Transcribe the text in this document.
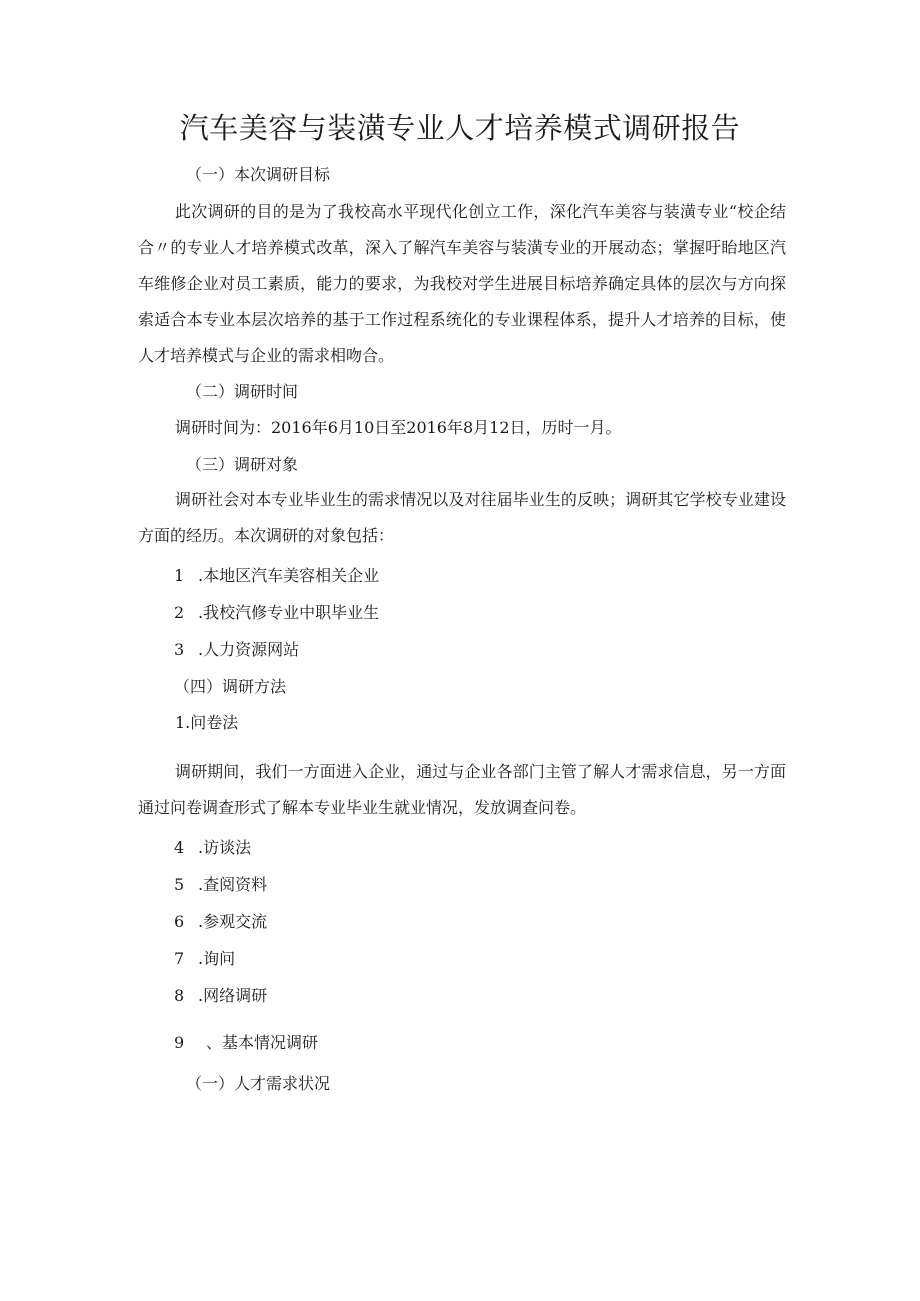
汽车美容与装潢专业人才培养模式调研报告
（一）本次调研目标

此次调研的目的是为了我校高水平现代化创立工作，深化汽车美容与装潢专业“校企结合〃的专业人才培养模式改革，深入了解汽车美容与装潢专业的开展动态；掌握吁眙地区汽车维修企业对员工素质，能力的要求，为我校对学生进展目标培养确定具体的层次与方向探索适合本专业本层次培养的基于工作过程系统化的专业课程体系，提升人才培养的目标，使人才培养模式与企业的需求相吻合。

（二）调研时间

调研时间为：2016年6月10日至2016年8月12日，历时一月。

（三）调研对象

调研社会对本专业毕业生的需求情况以及对往届毕业生的反映；调研其它学校专业建设方面的经历。本次调研的对象包括：

1 .本地区汽车美容相关企业
2 .我校汽修专业中职毕业生
3 .人力资源网站
（四）调研方法
1.问卷法

调研期间，我们一方面进入企业，通过与企业各部门主管了解人才需求信息，另一方面通过问卷调查形式了解本专业毕业生就业情况，发放调查问卷。

4 .访谈法
5 .查阅资料
6 .参观交流
7 .询问
8 .网络调研
9 、基本情况调研
（一）人才需求状况
